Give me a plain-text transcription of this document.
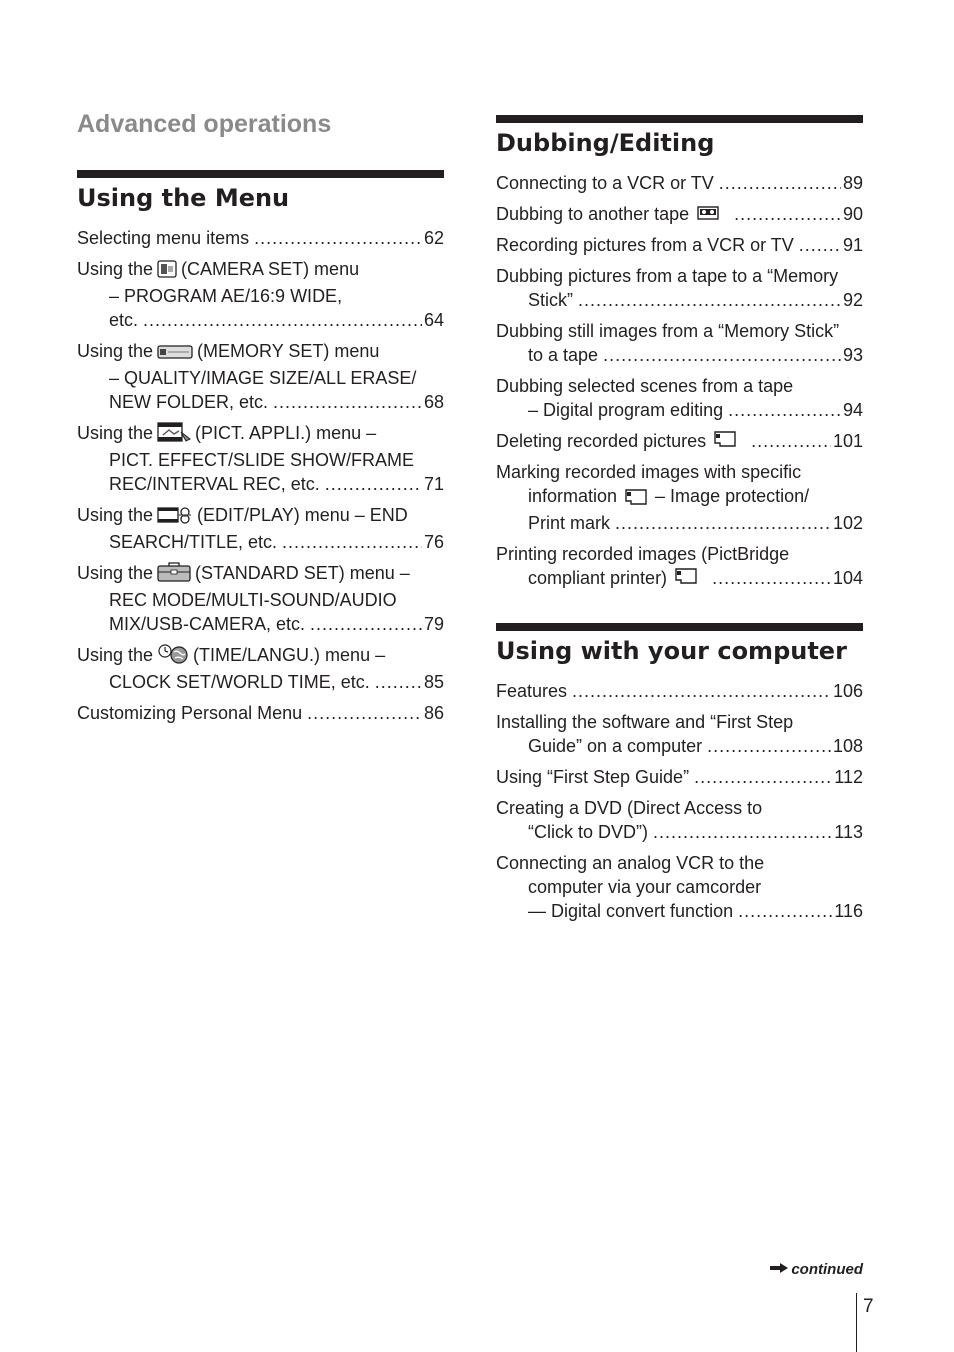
Advanced operations
Using the Menu

Selecting menu items .....	62

Using the (CAMERA SET) menu
– PROGRAM AE/16:9 WIDE,
etc. .....	64

Using the (MEMORY SET) menu
– QUALITY/IMAGE SIZE/ALL ERASE/
NEW FOLDER, etc. .....	68

Using the (PICT. APPLI.) menu –
PICT. EFFECT/SLIDE SHOW/FRAME
REC/INTERVAL REC, etc. .....	71

Using the (EDIT/PLAY) menu – END
SEARCH/TITLE, etc. .....	76

Using the (STANDARD SET) menu –
REC MODE/MULTI-SOUND/AUDIO
MIX/USB-CAMERA, etc. .....	79

Using the (TIME/LANGU.) menu –
CLOCK SET/WORLD TIME, etc. .....	85

Customizing Personal Menu .....	86

Dubbing/Editing

Connecting to a VCR or TV .....	89

Dubbing to another tape .....	90

Recording pictures from a VCR or TV .....	91

Dubbing pictures from a tape to a “Memory
Stick” .....	92

Dubbing still images from a “Memory Stick”
to a tape .....	93

Dubbing selected scenes from a tape
– Digital program editing .....	94

Deleting recorded pictures .....	101

Marking recorded images with specific
information – Image protection/
Print mark .....	102

Printing recorded images (PictBridge
compliant printer) .....	104

Using with your computer

Features .....	106

Installing the software and “First Step
Guide” on a computer .....	108

Using “First Step Guide” .....	112

Creating a DVD (Direct Access to
“Click to DVD”) .....	113

Connecting an analog VCR to the
computer via your camcorder
— Digital convert function .....	116

continued
7
